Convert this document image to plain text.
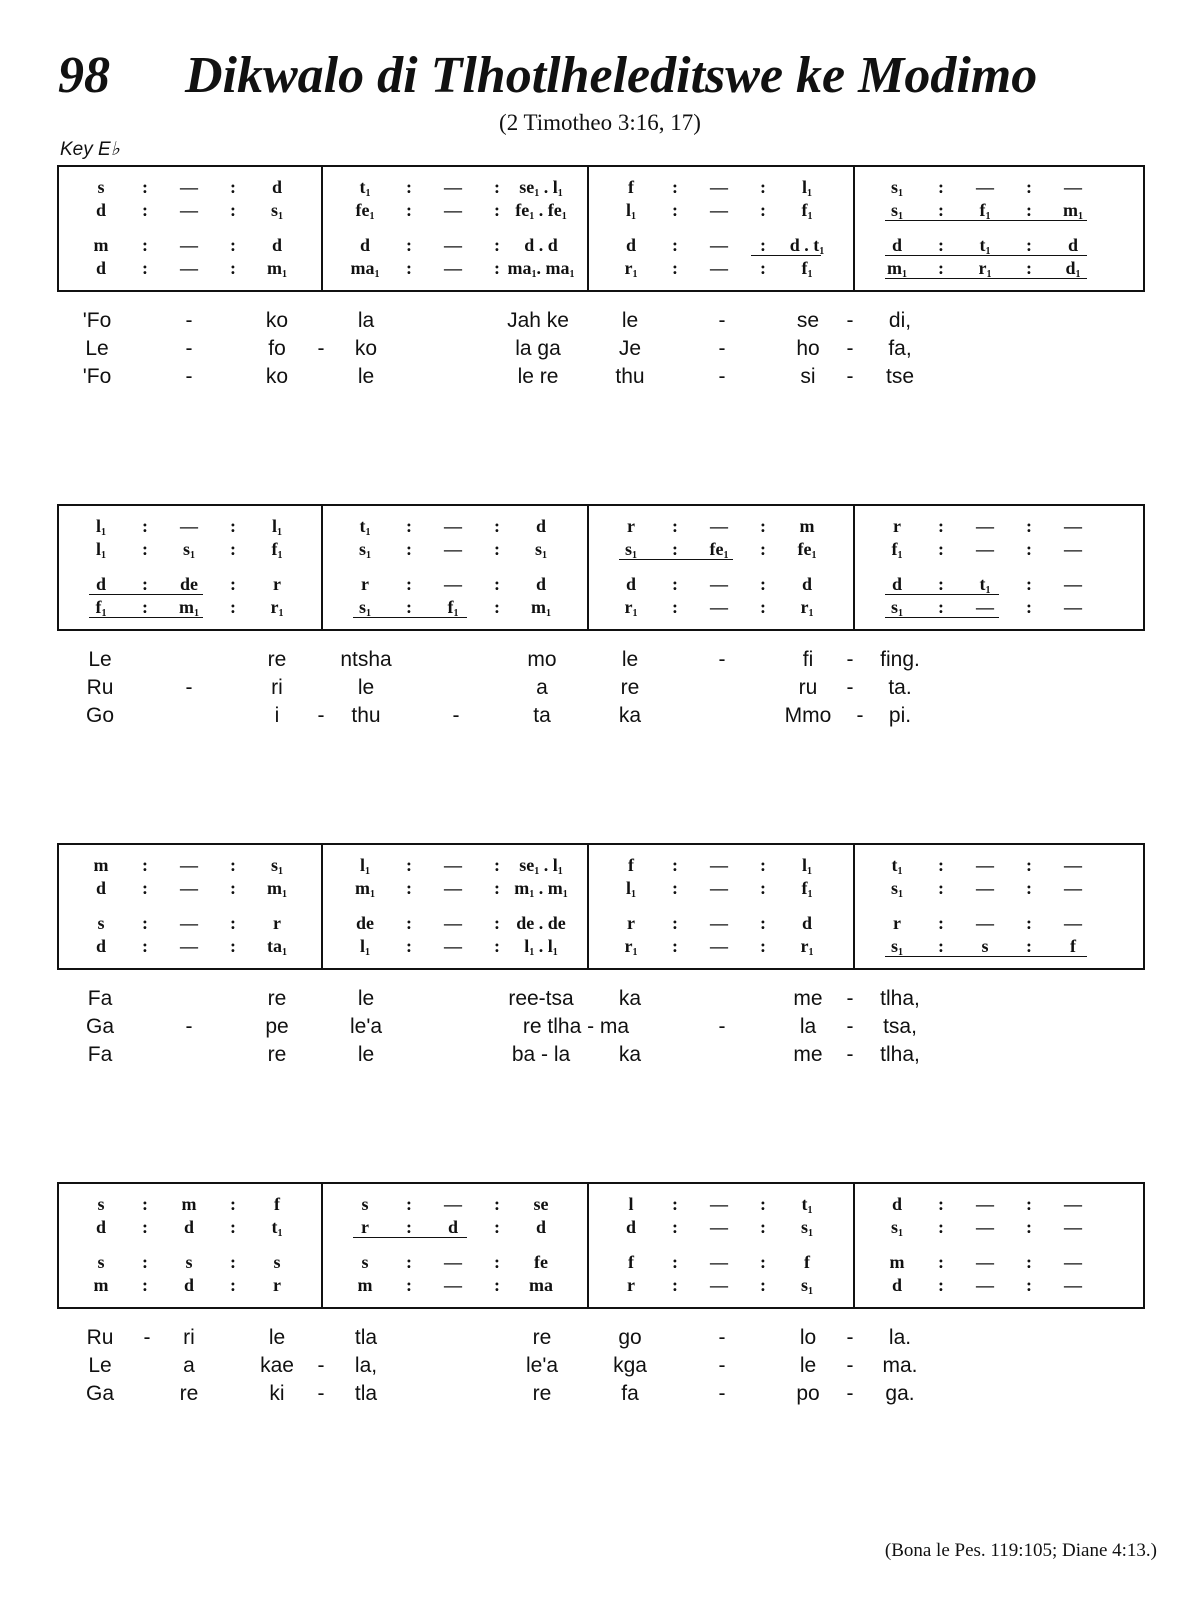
98 Dikwalo di Tlhotlheleditswe ke Modimo
(2 Timotheo 3:16, 17)
Key E♭
s : — : d	$t_1$ : — : $se_1$ . $l_1$	f : — : $l_1$	$s_1$ : — : —
d : — : $s_1$	$fe_1$ : — : $fe_1$ . $fe_1$	$l_1$ : — : $f_1$	$s_1$ : $f_1$ : $m_1$
m : — : d	d : — : d . d	d : — : d . $t_1$	d : $t_1$ : d
d : — : $m_1$	$ma_1$ : — : $ma_1$. $ma_1$	$r_1$ : — : $f_1$	$m_1$ : $r_1$ : $d_1$
'Fo	-	ko	la	Jah ke	le	-	se - di,
Le	-	fo - ko	la ga	Je	-	ho - fa,
'Fo	-	ko	le	le re	thu	-	si - tse
$l_1$ : — : $l_1$	$t_1$ : — : d	r : — : m	r : — : —
$l_1$ : $s_1$ : $f_1$	$s_1$ : — : $s_1$	$s_1$ : $fe_1$ : $fe_1$	$f_1$ : — : —
d : de : r	r : — : d	d : — : d	d : $t_1$ : —
$f_1$ : $m_1$ : $r_1$	$s_1$ : $f_1$ : $m_1$	$r_1$ : — : $r_1$	$s_1$ : — : —
Le	re	ntsha	mo	le	-	fi - fing.
Ru	-	ri	le	a	re	ru - ta.
Go	i - thu	-	ta	ka	Mmo - pi.
m : — : $s_1$	$l_1$ : — : $se_1$ . $l_1$	f : — : $l_1$	$t_1$ : — : —
d : — : $m_1$	$m_1$ : — : $m_1$ . $m_1$	$l_1$ : — : $f_1$	$s_1$ : — : —
s : — : r	de : — : de . de	r : — : d	r : — : —
d : — : $ta_1$	$l_1$ : — : $l_1$ . $l_1$	$r_1$ : — : $r_1$	$s_1$ : s : f
Fa	re	le	ree-tsa ka	me - tlha,
Ga	-	pe	le'a	re tlha - ma	-	la - tsa,
Fa	re	le	ba - la ka	me - tlha,
s : m : f	s : — : se	l : — : $t_1$	d : — : —
d : d : $t_1$	r : d : d	d : — : $s_1$	$s_1$ : — : —
s : s : s	s : — : fe	f : — : f	m : — : —
m : d : r	m : — : ma	r : — : $s_1$	d : — : —
Ru - ri	le	tla	re	go	-	lo - la.
Le	a	kae - la,	le'a	kga	-	le - ma.
Ga	re	ki - tla	re	fa	-	po - ga.
(Bona le Pes. 119:105; Diane 4:13.)
